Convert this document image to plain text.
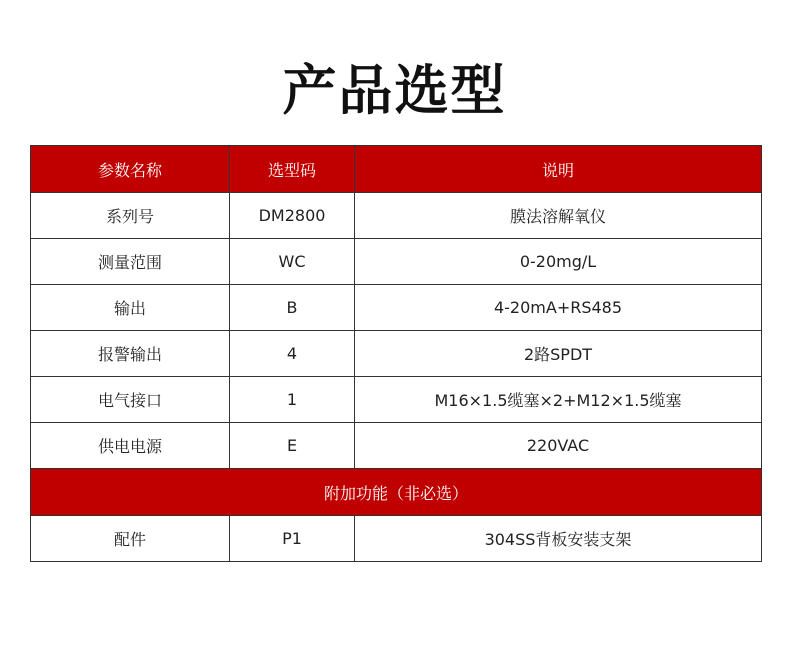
产品选型
参数名称	选型码	说明
系列号	DM2800	膜法溶解氧仪
测量范围	WC	0-20mg/L
输出	B	4-20mA+RS485
报警输出	4	2路SPDT
电气接口	1	M16×1.5缆塞×2+M12×1.5缆塞
供电电源	E	220VAC
附加功能（非必选）		
配件	P1	304SS背板安装支架
